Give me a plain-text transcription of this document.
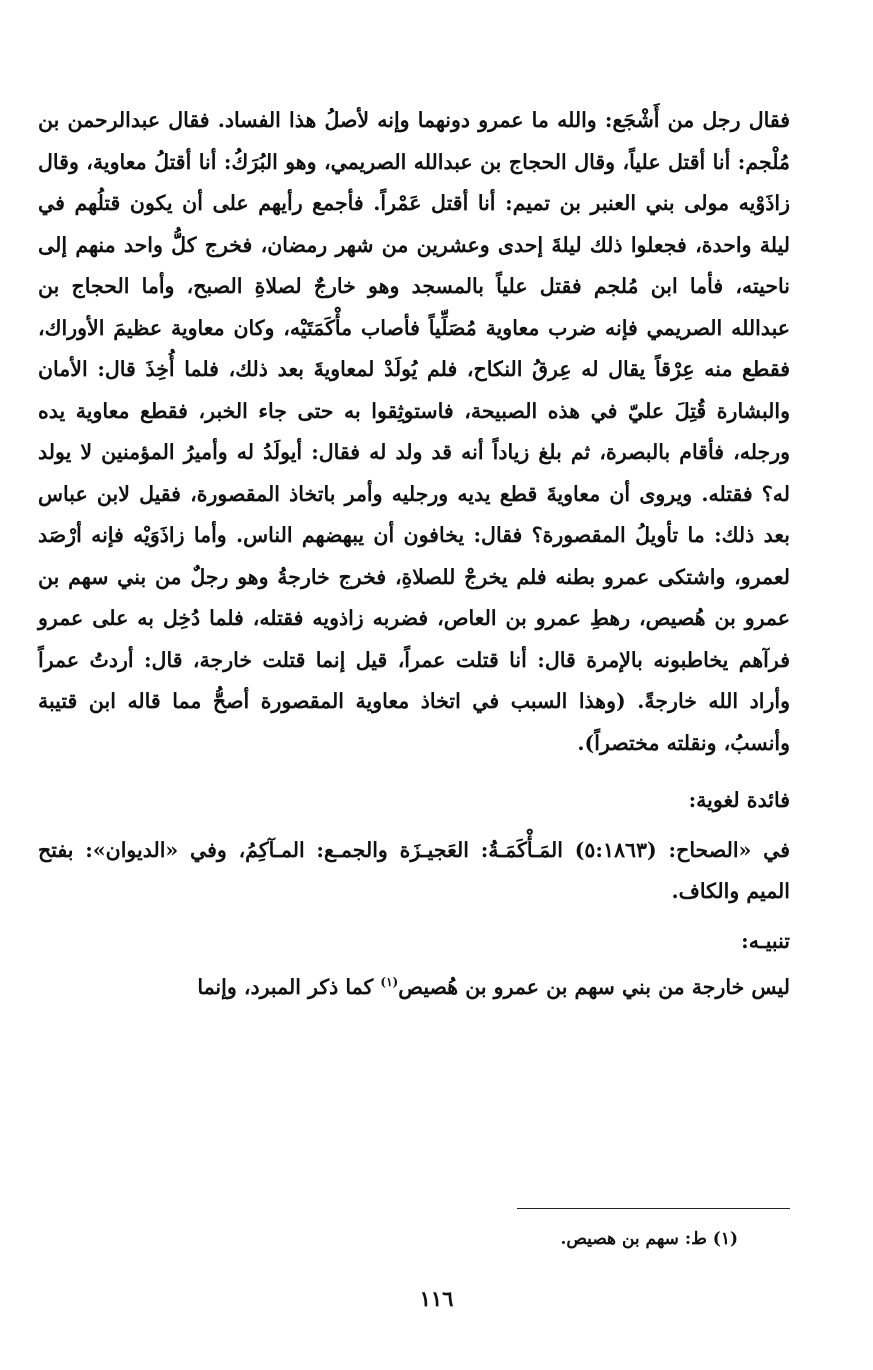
فقال رجل من أَشْجَع: والله ما عمرو دونهما وإنه لأصلُ هذا الفساد. فقال عبدالرحمن بن مُلْجم: أنا أقتل علياً، وقال الحجاج بن عبدالله الصريمي، وهو البُرَكُ: أنا أقتلُ معاوية، وقال زاذَوْيه مولى بني العنبر بن تميم: أنا أقتل عَمْراً. فأجمع رأيهم على أن يكون قتلُهم في ليلة واحدة، فجعلوا ذلك ليلةَ إحدى وعشرين من شهر رمضان، فخرج كلُّ واحد منهم إلى ناحيته، فأما ابن مُلجم فقتل علياً بالمسجد وهو خارجٌ لصلاةِ الصبح، وأما الحجاج بن عبدالله الصريمي فإنه ضرب معاوية مُصَلِّياً فأصاب مأْكَمَتَيْه، وكان معاوية عظيمَ الأوراك، فقطع منه عِرْقاً يقال له عِرقُ النكاح، فلم يُولَدْ لمعاويةَ بعد ذلك، فلما أُخِذَ قال: الأمان والبشارة قُتِلَ عليّ في هذه الصبيحة، فاستوثِقوا به حتى جاء الخبر، فقطع معاوية يده ورجله، فأقام بالبصرة، ثم بلغ زياداً أنه قد ولد له فقال: أيولَدُ له وأميرُ المؤمنين لا يولد له؟ فقتله. ويروى أن معاويةَ قطع يديه ورجليه وأمر باتخاذ المقصورة، فقيل لابن عباس بعد ذلك: ما تأويلُ المقصورة؟ فقال: يخافون أن يبهضهم الناس. وأما زاذَوَيْه فإنه أرْصَد لعمرو، واشتكى عمرو بطنه فلم يخرجْ للصلاةِ، فخرج خارجةُ وهو رجلٌ من بني سهم بن عمرو بن هُصيص، رهطِ عمرو بن العاص، فضربه زاذويه فقتله، فلما دُخِل به على عمرو فرآهم يخاطبونه بالإمرة قال: أنا قتلت عمراً، قيل إنما قتلت خارجة، قال: أردتُ عمراً وأراد الله خارجةً. (وهذا السبب في اتخاذ معاوية المقصورة أصحُّ مما قاله ابن قتيبة وأنسبُ، ونقلته مختصراً).

فائدة لغوية:

في «الصحاح: (٥:١٨٦٣) المَـأْكَمَـةُ: العَجيـزَة والجمـع: المـآكِمُ، وفي «الديوان»: بفتح الميم والكاف.

تنبيـه:

ليس خارجة من بني سهم بن عمرو بن هُصيص$^{(١)}$ كما ذكر المبرد، وإنما

(١) ط: سهم بن هصيص.
١١٦
